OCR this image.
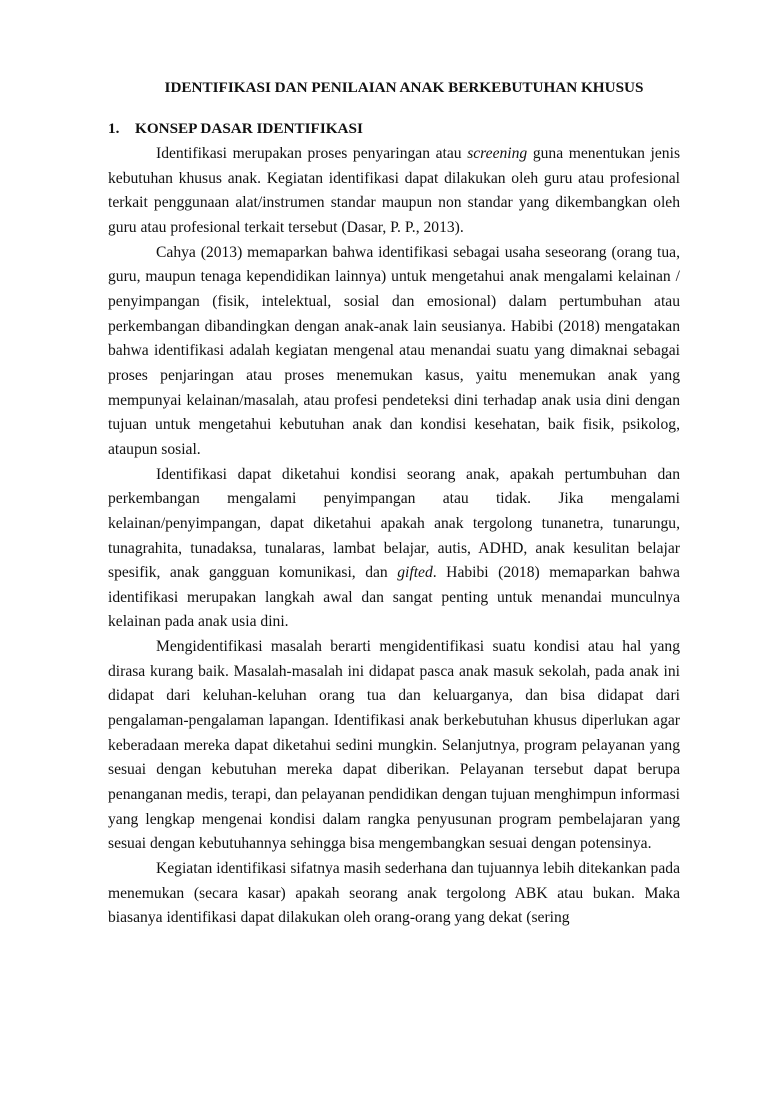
IDENTIFIKASI DAN PENILAIAN ANAK BERKEBUTUHAN KHUSUS
1. KONSEP DASAR IDENTIFIKASI

Identifikasi merupakan proses penyaringan atau screening guna menentukan jenis kebutuhan khusus anak. Kegiatan identifikasi dapat dilakukan oleh guru atau profesional terkait penggunaan alat/instrumen standar maupun non standar yang dikembangkan oleh guru atau profesional terkait tersebut (Dasar, P. P., 2013).

Cahya (2013) memaparkan bahwa identifikasi sebagai usaha seseorang (orang tua, guru, maupun tenaga kependidikan lainnya) untuk mengetahui anak mengalami kelainan / penyimpangan (fisik, intelektual, sosial dan emosional) dalam pertumbuhan atau perkembangan dibandingkan dengan anak-anak lain seusianya. Habibi (2018) mengatakan bahwa identifikasi adalah kegiatan mengenal atau menandai suatu yang dimaknai sebagai proses penjaringan atau proses menemukan kasus, yaitu menemukan anak yang mempunyai kelainan/masalah, atau profesi pendeteksi dini terhadap anak usia dini dengan tujuan untuk mengetahui kebutuhan anak dan kondisi kesehatan, baik fisik, psikolog, ataupun sosial.

Identifikasi dapat diketahui kondisi seorang anak, apakah pertumbuhan dan perkembangan mengalami penyimpangan atau tidak. Jika mengalami kelainan/penyimpangan, dapat diketahui apakah anak tergolong tunanetra, tunarungu, tunagrahita, tunadaksa, tunalaras, lambat belajar, autis, ADHD, anak kesulitan belajar spesifik, anak gangguan komunikasi, dan gifted. Habibi (2018) memaparkan bahwa identifikasi merupakan langkah awal dan sangat penting untuk menandai munculnya kelainan pada anak usia dini.

Mengidentifikasi masalah berarti mengidentifikasi suatu kondisi atau hal yang dirasa kurang baik. Masalah-masalah ini didapat pasca anak masuk sekolah, pada anak ini didapat dari keluhan-keluhan orang tua dan keluarganya, dan bisa didapat dari pengalaman-pengalaman lapangan. Identifikasi anak berkebutuhan khusus diperlukan agar keberadaan mereka dapat diketahui sedini mungkin. Selanjutnya, program pelayanan yang sesuai dengan kebutuhan mereka dapat diberikan. Pelayanan tersebut dapat berupa penanganan medis, terapi, dan pelayanan pendidikan dengan tujuan menghimpun informasi yang lengkap mengenai kondisi dalam rangka penyusunan program pembelajaran yang sesuai dengan kebutuhannya sehingga bisa mengembangkan sesuai dengan potensinya.

Kegiatan identifikasi sifatnya masih sederhana dan tujuannya lebih ditekankan pada menemukan (secara kasar) apakah seorang anak tergolong ABK atau bukan. Maka biasanya identifikasi dapat dilakukan oleh orang-orang yang dekat (sering
